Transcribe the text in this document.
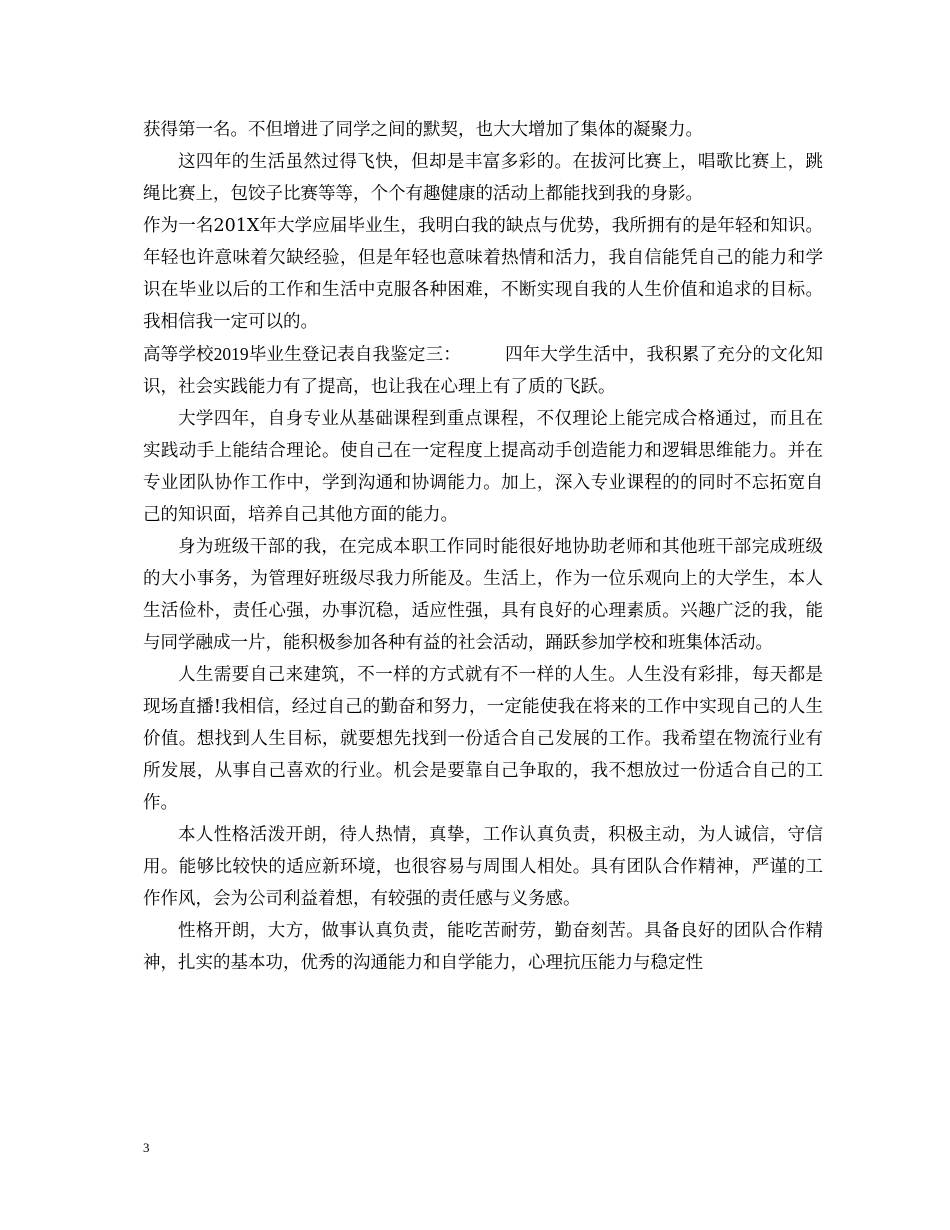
获得第一名。不但增进了同学之间的默契，也大大增加了集体的凝聚力。

这四年的生活虽然过得飞快，但却是丰富多彩的。在拔河比赛上，唱歌比赛上，跳绳比赛上，包饺子比赛等等，个个有趣健康的活动上都能找到我的身影。

作为一名201X年大学应届毕业生，我明白我的缺点与优势，我所拥有的是年轻和知识。年轻也许意味着欠缺经验，但是年轻也意味着热情和活力，我自信能凭自己的能力和学识在毕业以后的工作和生活中克服各种困难，不断实现自我的人生价值和追求的目标。我相信我一定可以的。

高等学校2019毕业生登记表自我鉴定三：	四年大学生活中，我积累了充分的文化知识，社会实践能力有了提高，也让我在心理上有了质的飞跃。

大学四年，自身专业从基础课程到重点课程，不仅理论上能完成合格通过，而且在实践动手上能结合理论。使自己在一定程度上提高动手创造能力和逻辑思维能力。并在专业团队协作工作中，学到沟通和协调能力。加上，深入专业课程的的同时不忘拓宽自己的知识面，培养自己其他方面的能力。

身为班级干部的我，在完成本职工作同时能很好地协助老师和其他班干部完成班级的大小事务，为管理好班级尽我力所能及。生活上，作为一位乐观向上的大学生，本人生活俭朴，责任心强，办事沉稳，适应性强，具有良好的心理素质。兴趣广泛的我，能与同学融成一片，能积极参加各种有益的社会活动，踊跃参加学校和班集体活动。

人生需要自己来建筑，不一样的方式就有不一样的人生。人生没有彩排，每天都是现场直播!我相信，经过自己的勤奋和努力，一定能使我在将来的工作中实现自己的人生价值。想找到人生目标，就要想先找到一份适合自己发展的工作。我希望在物流行业有所发展，从事自己喜欢的行业。机会是要靠自己争取的，我不想放过一份适合自己的工作。

本人性格活泼开朗，待人热情，真挚，工作认真负责，积极主动，为人诚信，守信用。能够比较快的适应新环境，也很容易与周围人相处。具有团队合作精神，严谨的工作作风，会为公司利益着想，有较强的责任感与义务感。

性格开朗，大方，做事认真负责，能吃苦耐劳，勤奋刻苦。具备良好的团队合作精神，扎实的基本功，优秀的沟通能力和自学能力，心理抗压能力与稳定性

3
